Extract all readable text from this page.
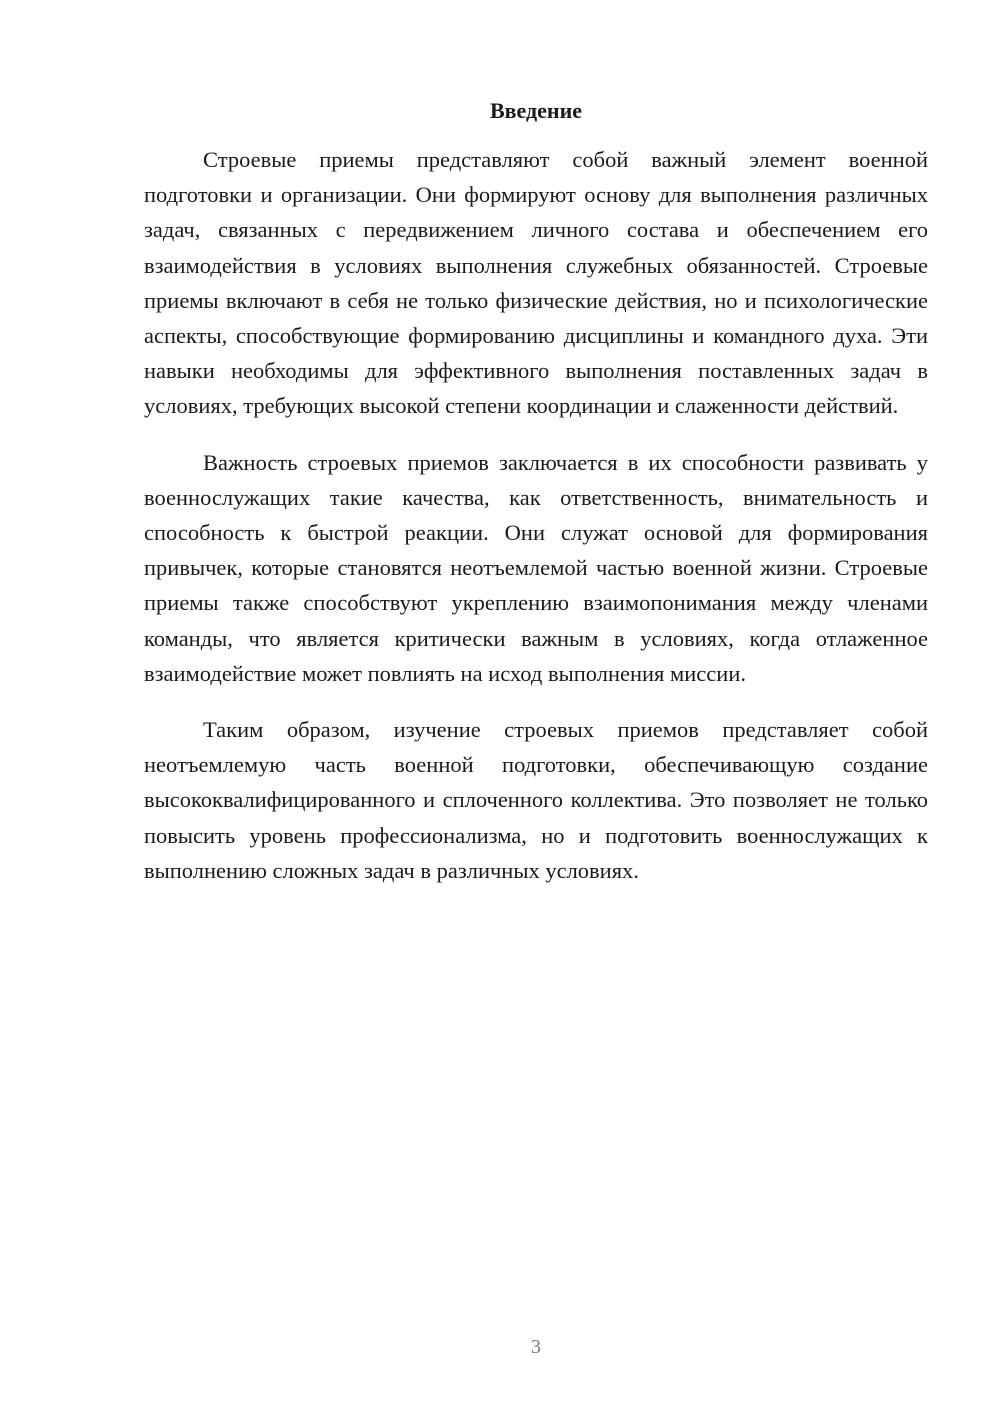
Введение

Строевые приемы представляют собой важный элемент военной подготовки и организации. Они формируют основу для выполнения различных задач, связанных с передвижением личного состава и обеспечением его взаимодействия в условиях выполнения служебных обязанностей. Строевые приемы включают в себя не только физические действия, но и психологические аспекты, способствующие формированию дисциплины и командного духа. Эти навыки необходимы для эффективного выполнения поставленных задач в условиях, требующих высокой степени координации и слаженности действий.

Важность строевых приемов заключается в их способности развивать у военнослужащих такие качества, как ответственность, внимательность и способность к быстрой реакции. Они служат основой для формирования привычек, которые становятся неотъемлемой частью военной жизни. Строевые приемы также способствуют укреплению взаимопонимания между членами команды, что является критически важным в условиях, когда отлаженное взаимодействие может повлиять на исход выполнения миссии.

Таким образом, изучение строевых приемов представляет собой неотъемлемую часть военной подготовки, обеспечивающую создание высококвалифицированного и сплоченного коллектива. Это позволяет не только повысить уровень профессионализма, но и подготовить военнослужащих к выполнению сложных задач в различных условиях.

3
